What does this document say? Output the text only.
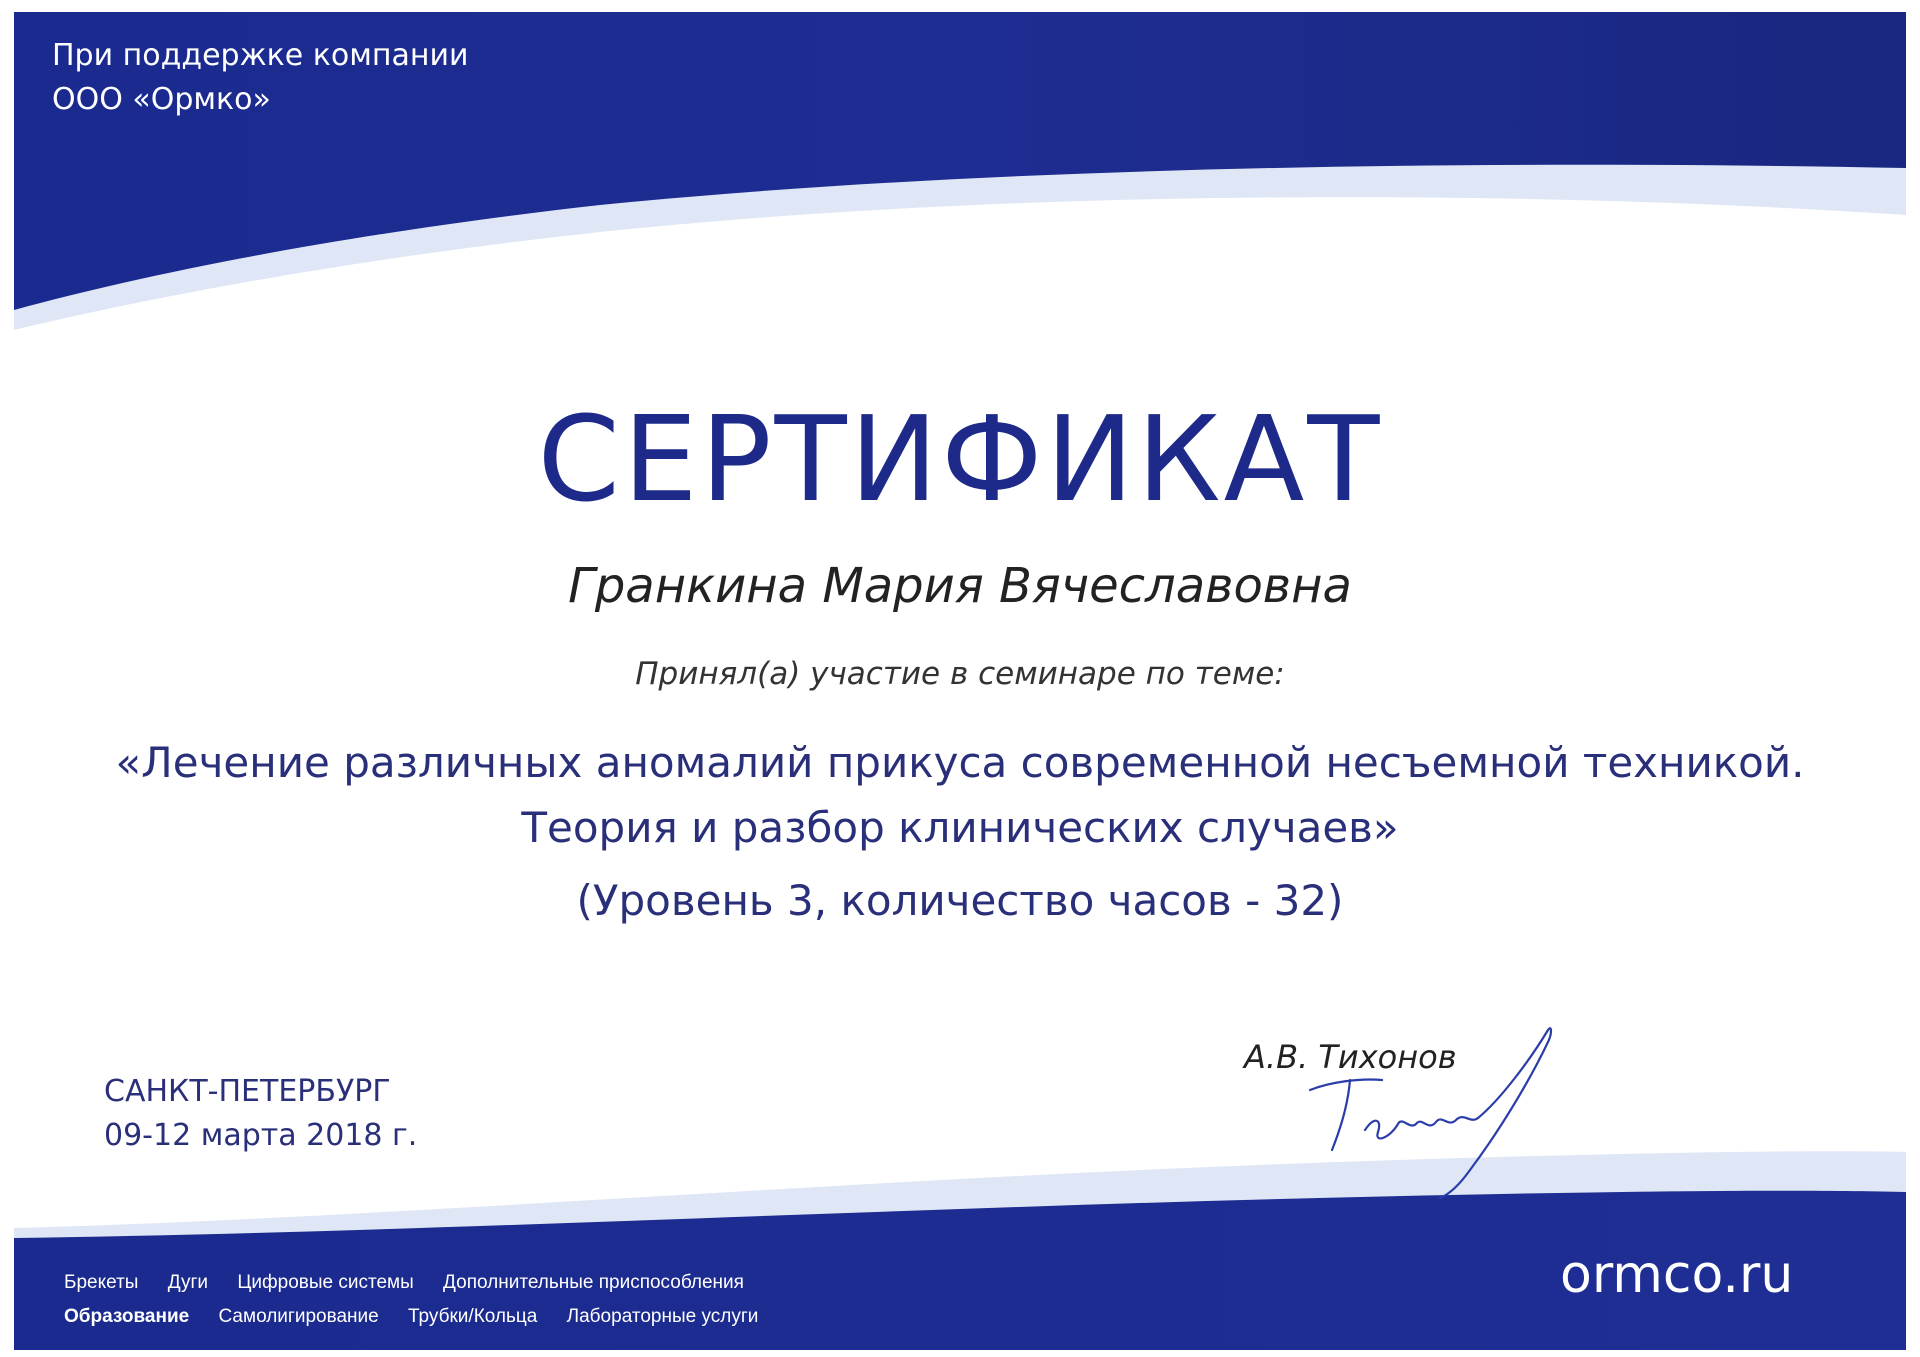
При поддержке компании
ООО «Ормко»
СЕРТИФИКАТ
Гранкина Мария Вячеславовна
Принял(а) участие в семинаре по теме:
«Лечение различных аномалий прикуса современной несъемной техникой.
Теория и разбор клинических случаев»
(Уровень 3, количество часов - 32)
САНКТ-ПЕТЕРБУРГ
09-12 марта 2018 г.
А.В. Тихонов
Брекеты Дуги Цифровые системы Дополнительные приспособления
Образование Самолигирование Трубки/Кольца Лабораторные услуги
ormco.ru
